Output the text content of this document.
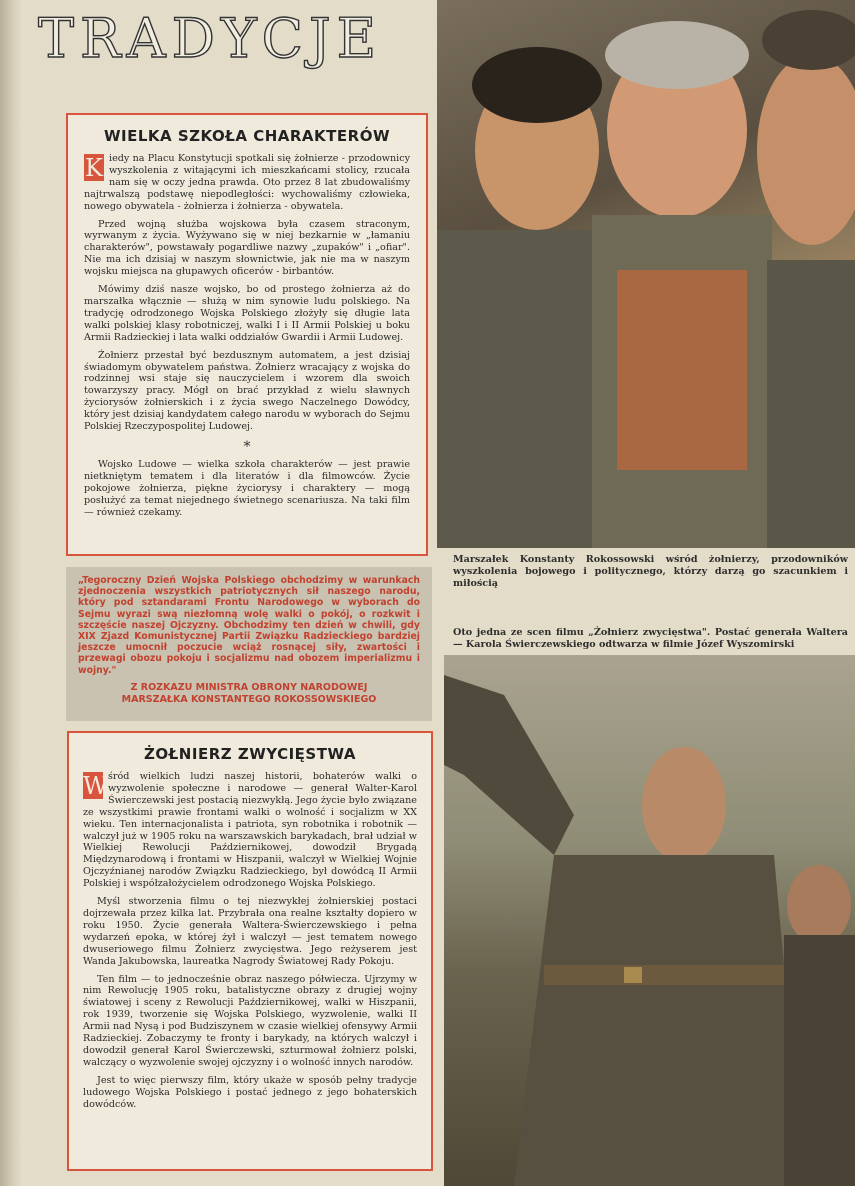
TRADYCJE
WIELKA SZKOŁA CHARAKTERÓW

K iedy na Placu Konstytucji spotkali się żołnierze - przodownicy wyszkolenia z witającymi ich mieszkańcami stolicy, rzucała nam się w oczy jedna prawda. Oto przez 8 lat zbudowaliśmy najtrwalszą podstawę niepodległości: wychowaliśmy człowieka, nowego obywatela - żołnierza i żołnierza - obywatela.

Przed wojną służba wojskowa była czasem straconym, wyrwanym z życia. Wyżywano się w niej bezkarnie w „łamaniu charakterów", powstawały pogardliwe nazwy „zupaków" i „ofiar". Nie ma ich dzisiaj w naszym słownictwie, jak nie ma w naszym wojsku miejsca na głupawych oficerów - birbantów.

Mówimy dziś nasze wojsko, bo od prostego żołnierza aż do marszałka włącznie — służą w nim synowie ludu polskiego. Na tradycję odrodzonego Wojska Polskiego złożyły się długie lata walki polskiej klasy robotniczej, walki I i II Armii Polskiej u boku Armii Radzieckiej i lata walki oddziałów Gwardii i Armii Ludowej.

Żołnierz przestał być bezdusznym automatem, a jest dzisiaj świadomym obywatelem państwa. Żołnierz wracający z wojska do rodzinnej wsi staje się nauczycielem i wzorem dla swoich towarzyszy pracy. Mógł on brać przykład z wielu sławnych życiorysów żołnierskich i z życia swego Naczelnego Dowódcy, który jest dzisiaj kandydatem całego narodu w wyborach do Sejmu Polskiej Rzeczypospolitej Ludowej.

*

Wojsko Ludowe — wielka szkoła charakterów — jest prawie nietkniętym tematem i dla literatów i dla filmowców. Życie pokojowe żołnierza, piękne życiorysy i charaktery — mogą posłużyć za temat niejednego świetnego scenariusza. Na taki film — również czekamy.

„Tegoroczny Dzień Wojska Polskiego obchodzimy w warunkach zjednoczenia wszystkich patriotycznych sił naszego narodu, który pod sztandarami Frontu Narodowego w wyborach do Sejmu wyrazi swą niezłomną wolę walki o pokój, o rozkwit i szczęście naszej Ojczyzny. Obchodzimy ten dzień w chwili, gdy XIX Zjazd Komunistycznej Partii Związku Radzieckiego bardziej jeszcze umocnił poczucie wciąż rosnącej siły, zwartości i przewagi obozu pokoju i socjalizmu nad obozem imperializmu i wojny."

Z ROZKAZU MINISTRA OBRONY NARODOWEJ
MARSZAŁKA KONSTANTEGO ROKOSSOWSKIEGO

ŻOŁNIERZ ZWYCIĘSTWA

W śród wielkich ludzi naszej historii, bohaterów walki o wyzwolenie społeczne i narodowe — generał Walter-Karol Świerczewski jest postacią niezwykłą. Jego życie było związane ze wszystkimi prawie frontami walki o wolność i socjalizm w XX wieku. Ten internacjonalista i patriota, syn robotnika i robotnik — walczył już w 1905 roku na warszawskich barykadach, brał udział w Wielkiej Rewolucji Październikowej, dowodził Brygadą Międzynarodową i frontami w Hiszpanii, walczył w Wielkiej Wojnie Ojczyźnianej narodów Związku Radzieckiego, był dowódcą II Armii Polskiej i współzałożycielem odrodzonego Wojska Polskiego.

Myśl stworzenia filmu o tej niezwykłej żołnierskiej postaci dojrzewała przez kilka lat. Przybrała ona realne kształty dopiero w roku 1950. Życie generała Waltera-Świerczewskiego i pełna wydarzeń epoka, w której żył i walczył — jest tematem nowego dwuseriowego filmu Żołnierz zwycięstwa. Jego reżyserem jest Wanda Jakubowska, laureatka Nagrody Światowej Rady Pokoju.

Ten film — to jednocześnie obraz naszego półwiecza. Ujrzymy w nim Rewolucję 1905 roku, batalistyczne obrazy z drugiej wojny światowej i sceny z Rewolucji Październikowej, walki w Hiszpanii, rok 1939, tworzenie się Wojska Polskiego, wyzwolenie, walki II Armii nad Nysą i pod Budziszynem w czasie wielkiej ofensywy Armii Radzieckiej. Zobaczymy te fronty i barykady, na których walczył i dowodził generał Karol Świerczewski, szturmował żołnierz polski, walczący o wyzwolenie swojej ojczyzny i o wolność innych narodów.

Jest to więc pierwszy film, który ukaże w sposób pełny tradycje ludowego Wojska Polskiego i postać jednego z jego bohaterskich dowódców.

Marszałek Konstanty Rokossowski wśród żołnierzy, przodowników wyszkolenia bojowego i politycznego, którzy darzą go szacunkiem i miłością
Oto jedna ze scen filmu „Żołnierz zwycięstwa". Postać generała Waltera — Karola Świerczewskiego odtwarza w filmie Józef Wyszomirski
